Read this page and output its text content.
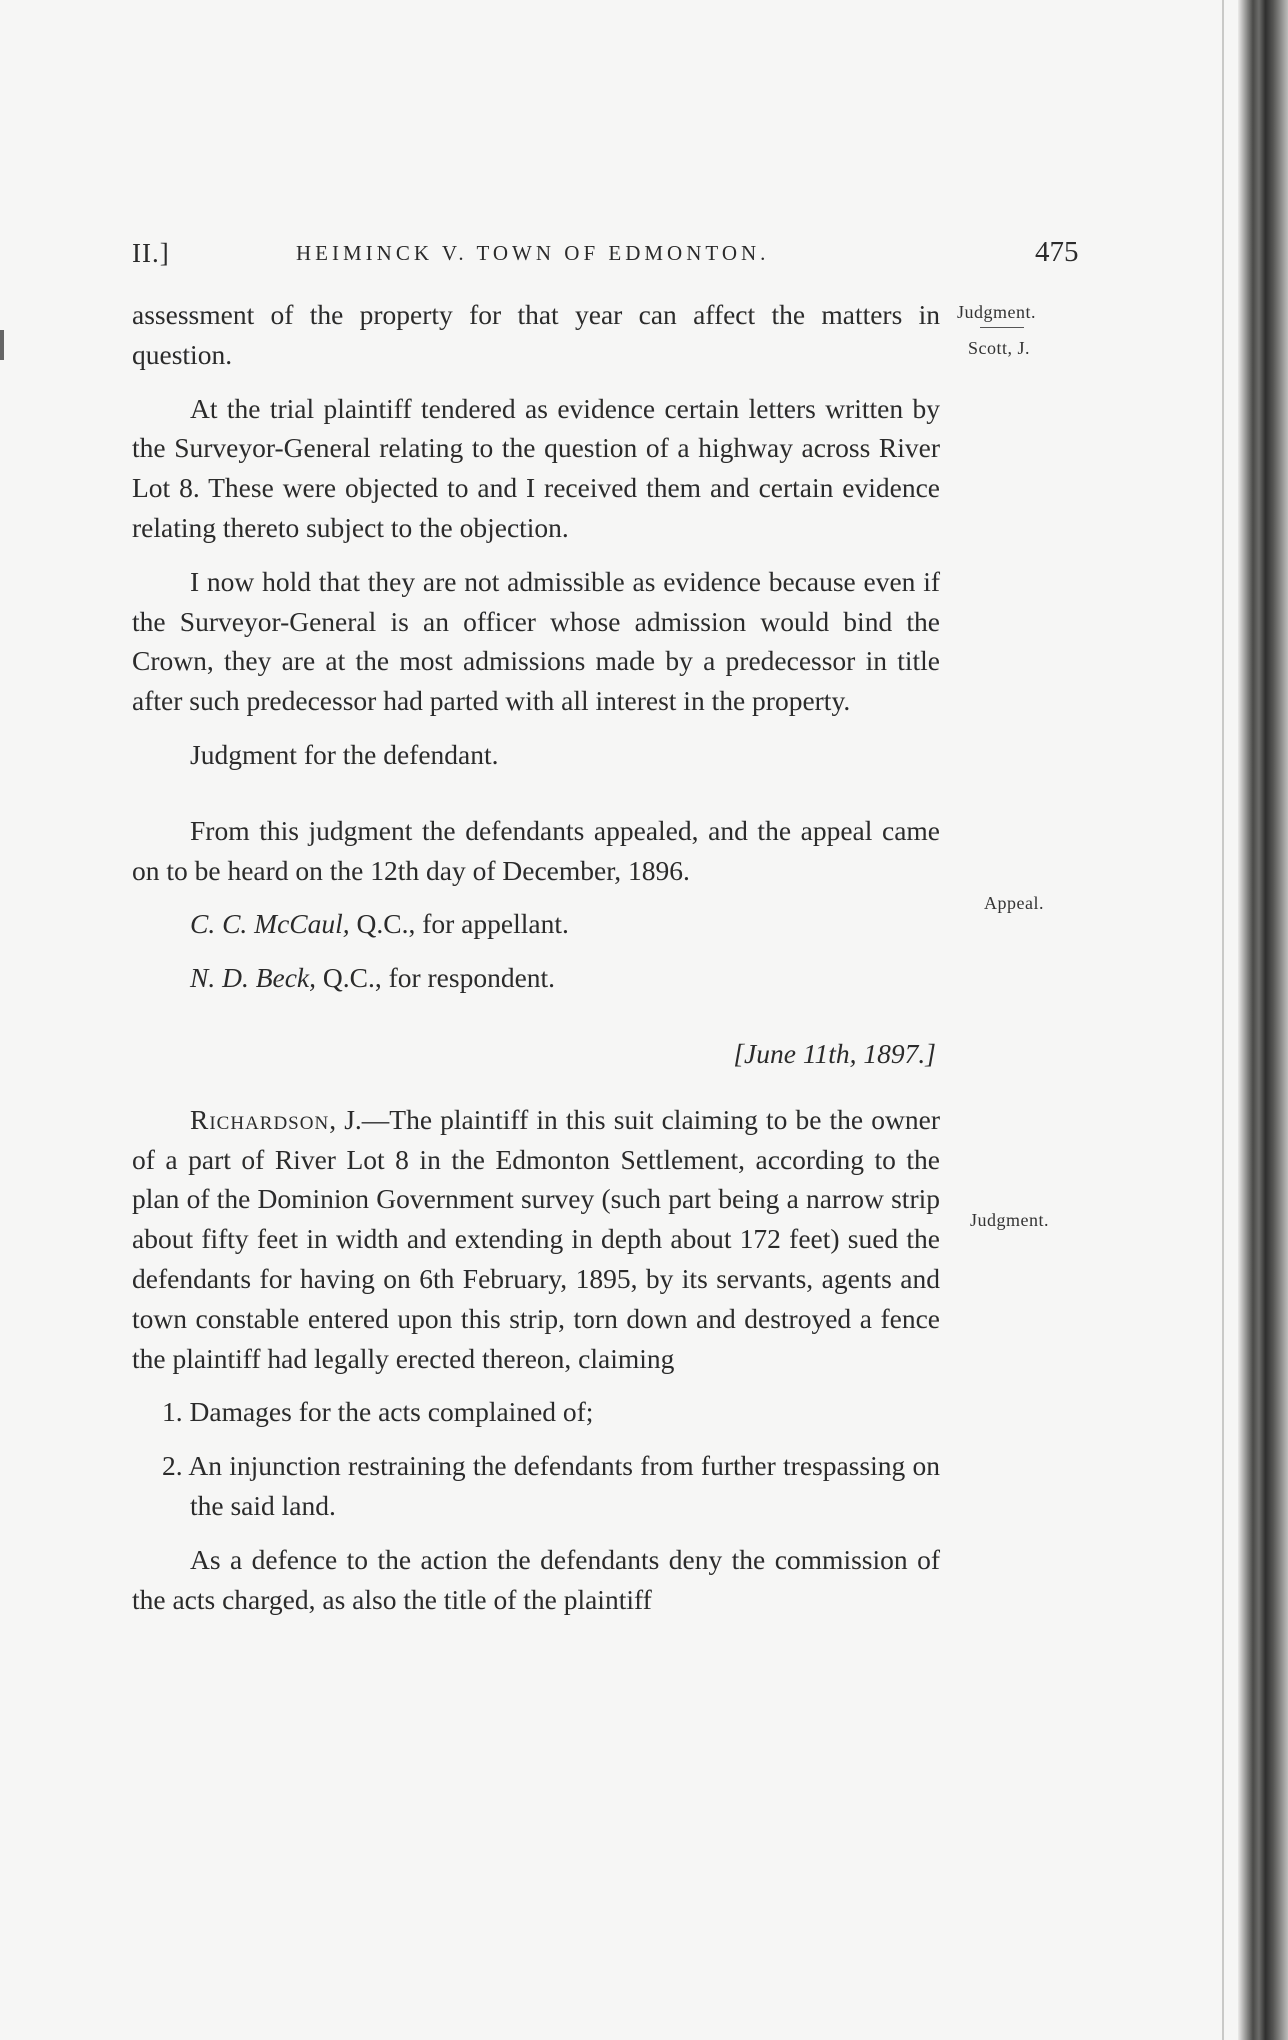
II.]	HEIMINCK V. TOWN OF EDMONTON.	475
Judgment.
Scott, J.
Appeal.
Judgment.

assessment of the property for that year can affect the matters in question.

At the trial plaintiff tendered as evidence certain letters written by the Surveyor-General relating to the question of a highway across River Lot 8. These were objected to and I received them and certain evidence relating thereto subject to the objection.

I now hold that they are not admissible as evidence because even if the Surveyor-General is an officer whose admission would bind the Crown, they are at the most admissions made by a predecessor in title after such predecessor had parted with all interest in the property.

Judgment for the defendant.

From this judgment the defendants appealed, and the appeal came on to be heard on the 12th day of December, 1896.

C. C. McCaul, Q.C., for appellant.

N. D. Beck, Q.C., for respondent.

[June 11th, 1897.]

Richardson, J.—The plaintiff in this suit claiming to be the owner of a part of River Lot 8 in the Edmonton Settlement, according to the plan of the Dominion Government survey (such part being a narrow strip about fifty feet in width and extending in depth about 172 feet) sued the defendants for having on 6th February, 1895, by its servants, agents and town constable entered upon this strip, torn down and destroyed a fence the plaintiff had legally erected thereon, claiming

1. Damages for the acts complained of;

2. An injunction restraining the defendants from further trespassing on the said land.

As a defence to the action the defendants deny the commission of the acts charged, as also the title of the plaintiff
